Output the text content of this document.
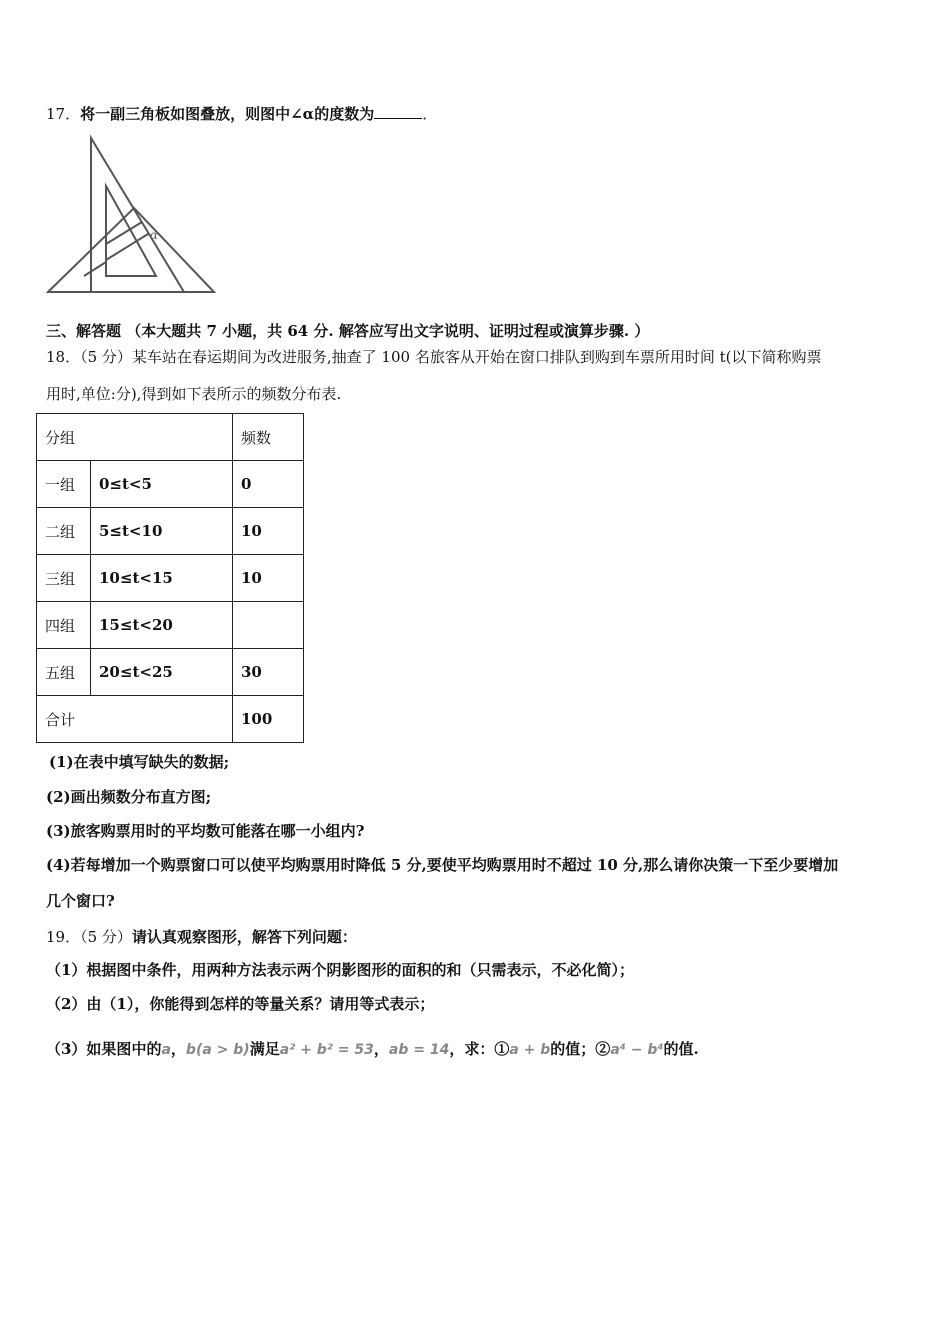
17．将一副三角板如图叠放，则图中∠α的度数为	．
α
三、解答题 （本大题共 7 小题，共 64 分. 解答应写出文字说明、证明过程或演算步骤. ）
18．（5 分）某车站在春运期间为改进服务,抽查了 100 名旅客从开始在窗口排队到购到车票所用时间 t(以下简称购票
用时,单位:分),得到如下表所示的频数分布表.
分组		频数
一组	0≤t<5	0
二组	5≤t<10	10
三组	10≤t<15	10
四组	15≤t<20	
五组	20≤t<25	30
合计		100
(1)在表中填写缺失的数据;
(2)画出频数分布直方图;
(3)旅客购票用时的平均数可能落在哪一小组内?
(4)若每增加一个购票窗口可以使平均购票用时降低 5 分,要使平均购票用时不超过 10 分,那么请你决策一下至少要增加
几个窗口?
19．（5 分）请认真观察图形，解答下列问题：
（1）根据图中条件，用两种方法表示两个阴影图形的面积的和（只需表示，不必化简）；
（2）由（1），你能得到怎样的等量关系？请用等式表示；
（3）如果图中的a，b(a > b)满足a² + b² = 53，ab = 14，求：①a + b的值；②a⁴ − b⁴的值.
